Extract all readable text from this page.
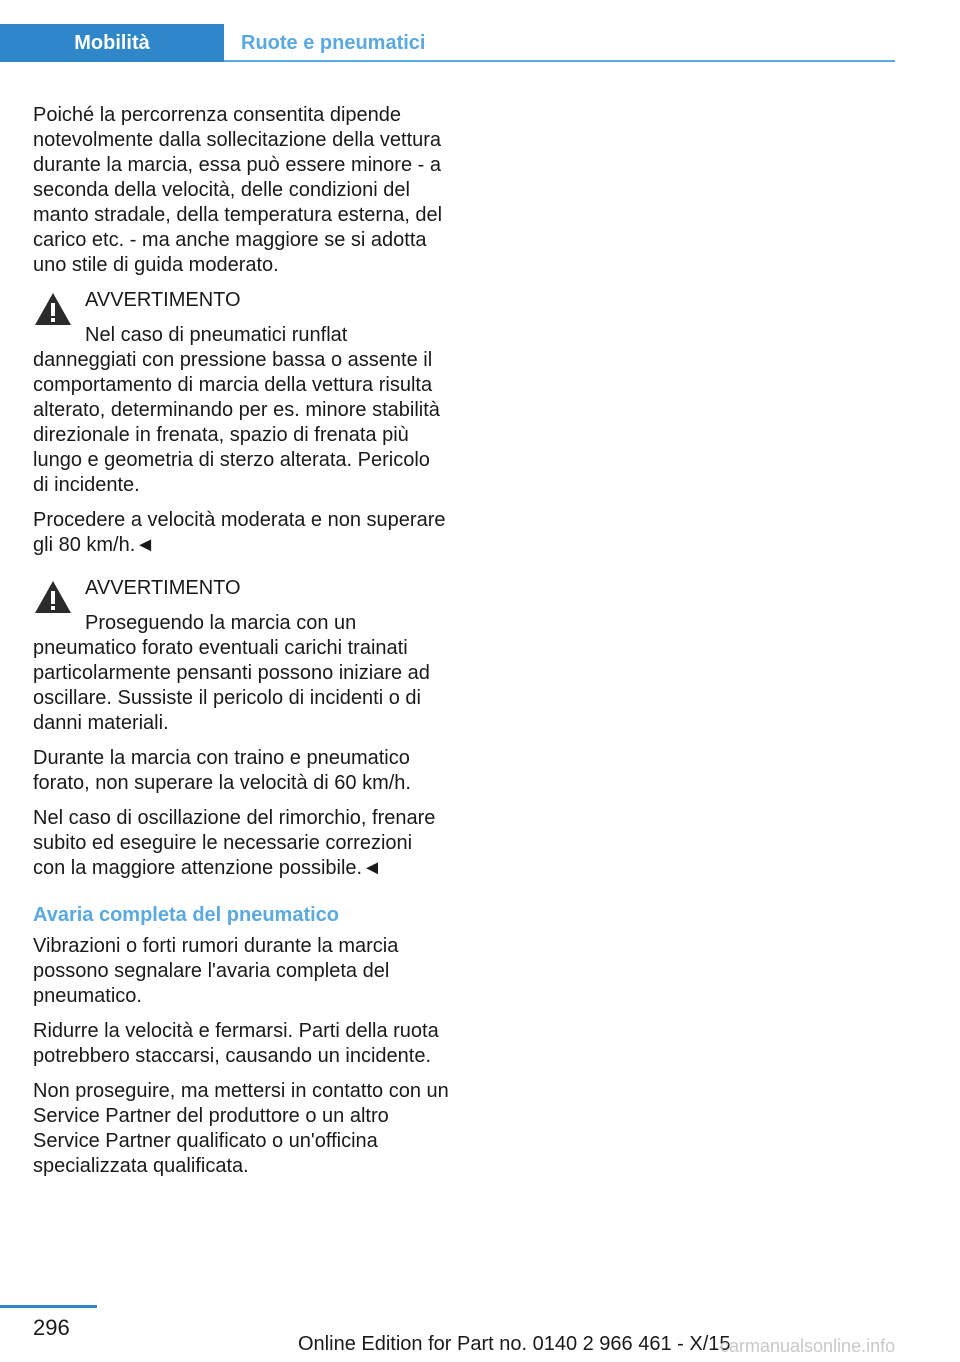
Mobilità	Ruote e pneumatici

Poiché la percorrenza consentita dipende notevolmente dalla sollecitazione della vettura durante la marcia, essa può essere minore - a seconda della velocità, delle condizioni del manto stradale, della temperatura esterna, del carico etc. - ma anche maggiore se si adotta uno stile di guida moderato.

AVVERTIMENTO

Nel caso di pneumatici runflat danneggiati con pressione bassa o assente il comportamento di marcia della vettura risulta alterato, determinando per es. minore stabilità direzionale in frenata, spazio di frenata più lungo e geometria di sterzo alterata. Pericolo di incidente.

Procedere a velocità moderata e non superare gli 80 km/h.◄

AVVERTIMENTO

Proseguendo la marcia con un pneumatico forato eventuali carichi trainati particolarmente pensanti possono iniziare ad oscillare. Sussiste il pericolo di incidenti o di danni materiali.

Durante la marcia con traino e pneumatico forato, non superare la velocità di 60 km/h.

Nel caso di oscillazione del rimorchio, frenare subito ed eseguire le necessarie correzioni con la maggiore attenzione possibile.◄

Avaria completa del pneumatico

Vibrazioni o forti rumori durante la marcia possono segnalare l'avaria completa del pneumatico.

Ridurre la velocità e fermarsi. Parti della ruota potrebbero staccarsi, causando un incidente.

Non proseguire, ma mettersi in contatto con un Service Partner del produttore o un altro Service Partner qualificato o un'officina specializzata qualificata.

296
Online Edition for Part no. 0140 2 966 461 - X/15
carmanualsonline.info
